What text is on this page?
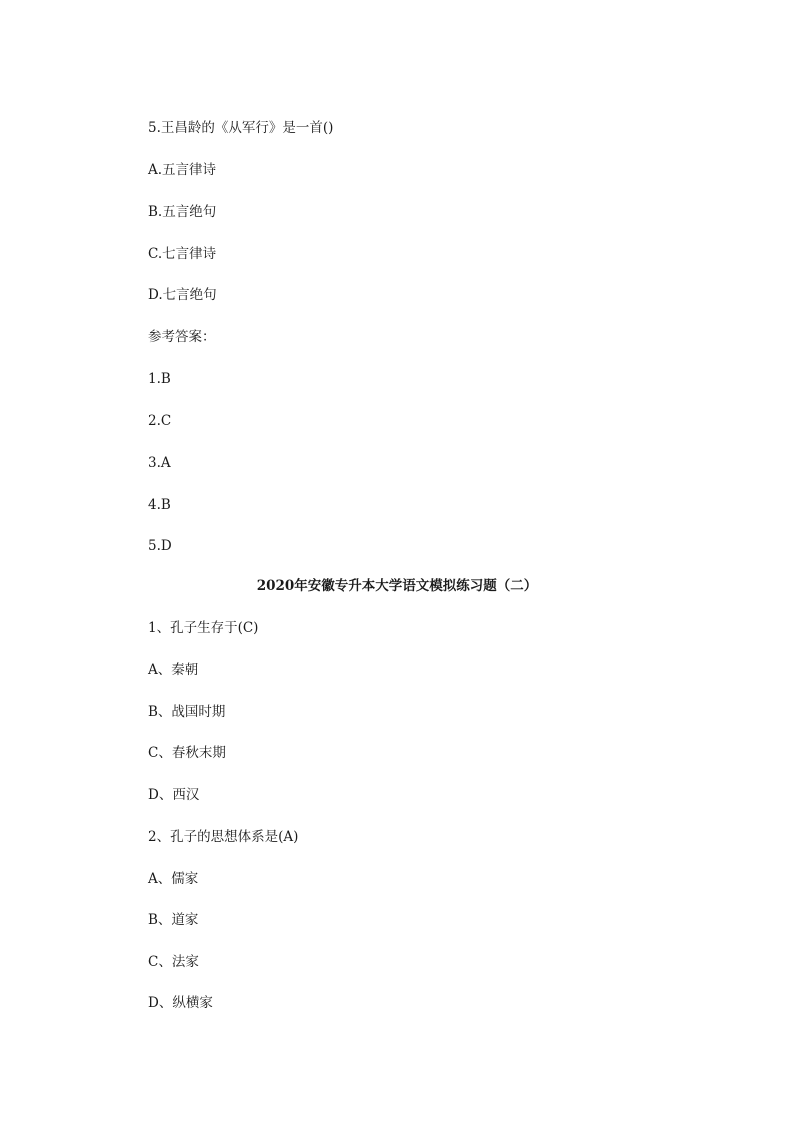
5.王昌龄的《从军行》是一首()
A.五言律诗
B.五言绝句
C.七言律诗
D.七言绝句
参考答案：
1.B
2.C
3.A
4.B
5.D
2020年安徽专升本大学语文模拟练习题（二）
1、孔子生存于(C)
A、秦朝
B、战国时期
C、春秋末期
D、西汉
2、孔子的思想体系是(A)
A、儒家
B、道家
C、法家
D、纵横家
